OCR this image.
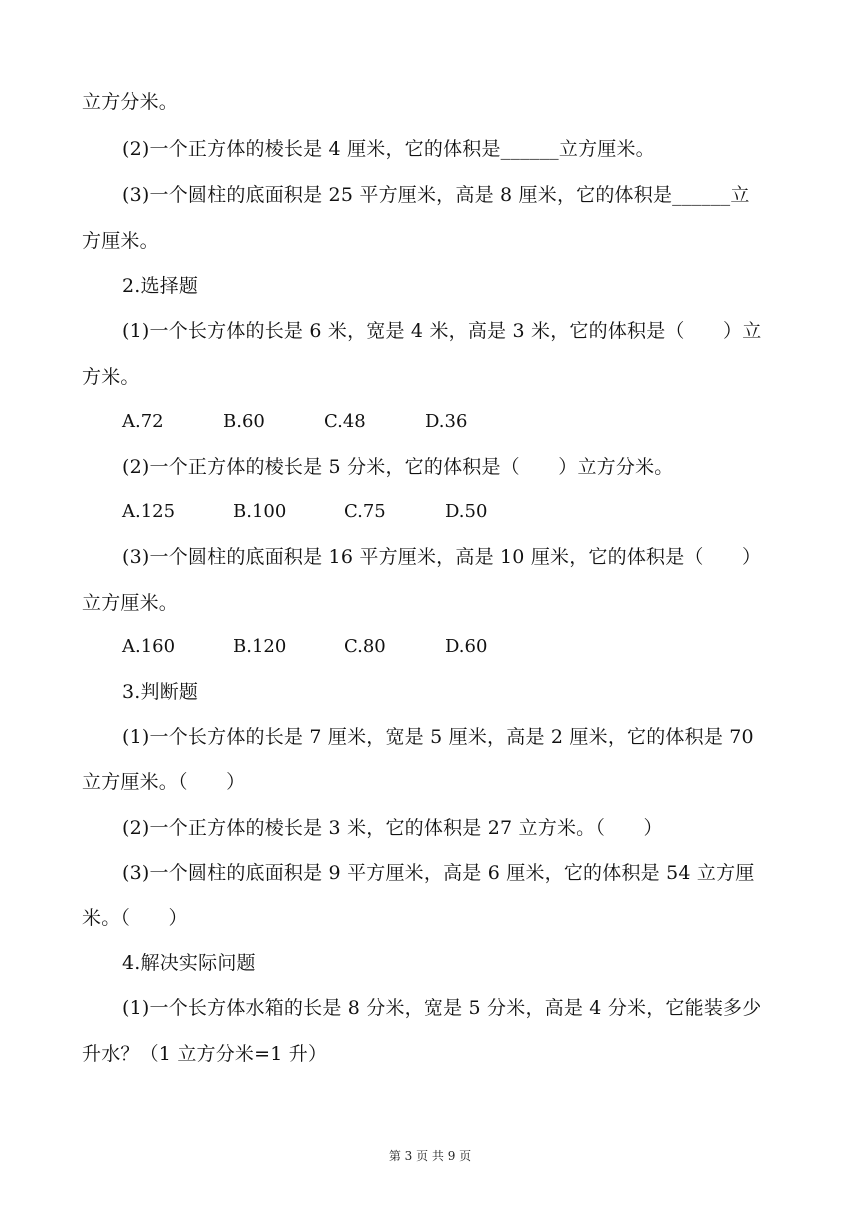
立方分米。
(2)一个正方体的棱长是 4 厘米，它的体积是______立方厘米。
(3)一个圆柱的底面积是 25 平方厘米，高是 8 厘米，它的体积是______立
方厘米。
2.选择题
(1)一个长方体的长是 6 米，宽是 4 米，高是 3 米，它的体积是（　　）立
方米。
A.72	B.60	C.48	D.36
(2)一个正方体的棱长是 5 分米，它的体积是（　　）立方分米。
A.125	B.100	C.75	D.50
(3)一个圆柱的底面积是 16 平方厘米，高是 10 厘米，它的体积是（　　）
立方厘米。
A.160	B.120	C.80	D.60
3.判断题
(1)一个长方体的长是 7 厘米，宽是 5 厘米，高是 2 厘米，它的体积是 70
立方厘米。（　　）
(2)一个正方体的棱长是 3 米，它的体积是 27 立方米。（　　）
(3)一个圆柱的底面积是 9 平方厘米，高是 6 厘米，它的体积是 54 立方厘
米。（　　）
4.解决实际问题
(1)一个长方体水箱的长是 8 分米，宽是 5 分米，高是 4 分米，它能装多少
升水？（1 立方分米=1 升）
第 3 页 共 9 页
